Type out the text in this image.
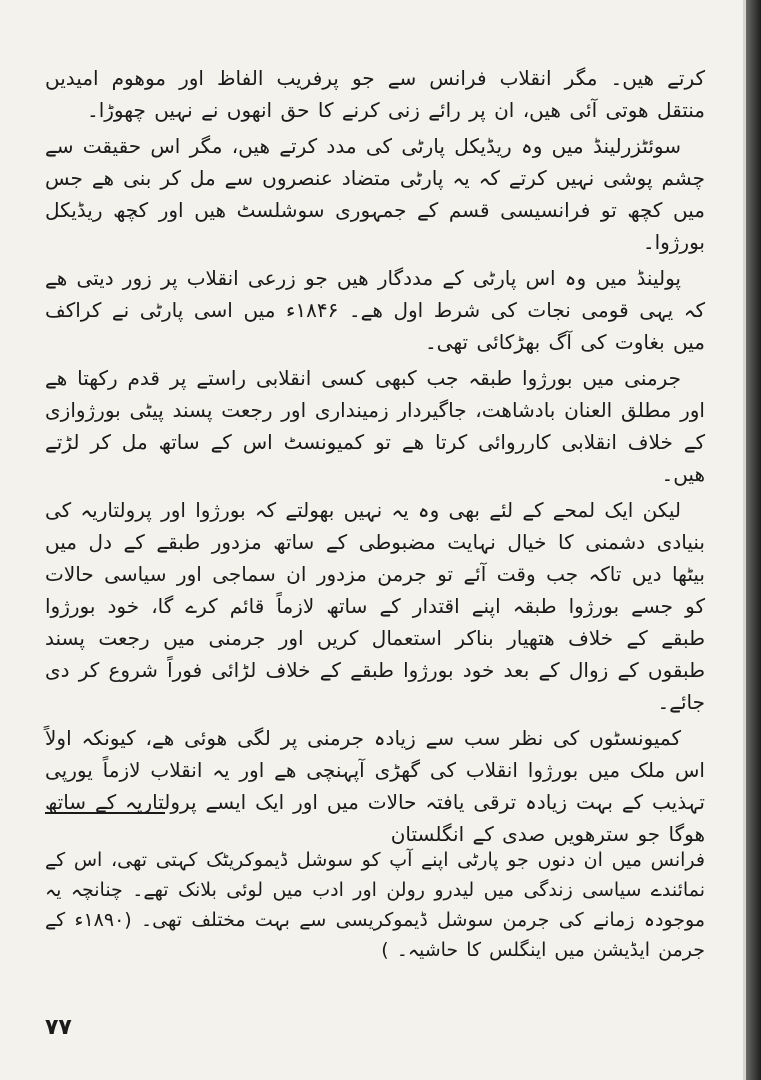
کرتے ھیں۔ مگر انقلاب فرانس سے جو پرفریب الفاظ اور موھوم امیدیں منتقل ھوتی آئی ھیں، ان پر رائے زنی کرنے کا حق انھوں نے نہیں چھوڑا۔

سوئٹزرلینڈ میں وہ ریڈیکل پارٹی کی مدد کرتے ھیں، مگر اس حقیقت سے چشم پوشی نہیں کرتے کہ یہ پارٹی متضاد عنصروں سے مل کر بنی ھے جس میں کچھ تو فرانسیسی قسم کے جمہوری سوشلسٹ ھیں اور کچھ ریڈیکل بورژوا۔

پولینڈ میں وہ اس پارٹی کے مددگار ھیں جو زرعی انقلاب پر زور دیتی ھے کہ یہی قومی نجات کی شرط اول ھے۔ ۱۸۴۶ء میں اسی پارٹی نے کراکف میں بغاوت کی آگ بھڑکائی تھی۔

جرمنی میں بورژوا طبقہ جب کبھی کسی انقلابی راستے پر قدم رکھتا ھے اور مطلق العنان بادشاھت، جاگیردار زمینداری اور رجعت پسند پیٹی بورژوازی کے خلاف انقلابی کارروائی کرتا ھے تو کمیونسٹ اس کے ساتھ مل کر لڑتے ھیں۔

لیکن ایک لمحے کے لئے بھی وہ یہ نہیں بھولتے کہ بورژوا اور پرولتاریہ کی بنیادی دشمنی کا خیال نہایت مضبوطی کے ساتھ مزدور طبقے کے دل میں بیٹھا دیں تاکہ جب وقت آئے تو جرمن مزدور ان سماجی اور سیاسی حالات کو جسے بورژوا طبقہ اپنے اقتدار کے ساتھ لازماً قائم کرے گا، خود بورژوا طبقے کے خلاف ھتھیار بناکر استعمال کریں اور جرمنی میں رجعت پسند طبقوں کے زوال کے بعد خود بورژوا طبقے کے خلاف لڑائی فوراً شروع کر دی جائے۔

کمیونسٹوں کی نظر سب سے زیادہ جرمنی پر لگی ھوئی ھے، کیونکہ اولاً اس ملک میں بورژوا انقلاب کی گھڑی آپہنچی ھے اور یہ انقلاب لازماً یورپی تہذیب کے بہت زیادہ ترقی یافتہ حالات میں اور ایک ایسے پرولتاریہ کے ساتھ ھوگا جو سترھویں صدی کے انگلستان

فرانس میں ان دنوں جو پارٹی اپنے آپ کو سوشل ڈیموکریٹک کہتی تھی، اس کے نمائندے سیاسی زندگی میں لیدرو رولن اور ادب میں لوئی بلانک تھے۔ چنانچہ یہ موجودہ زمانے کی جرمن سوشل ڈیموکریسی سے بہت مختلف تھی۔ (۱۸۹۰ء کے جرمن ایڈیشن میں اینگلس کا حاشیہ۔ )

۷۷
